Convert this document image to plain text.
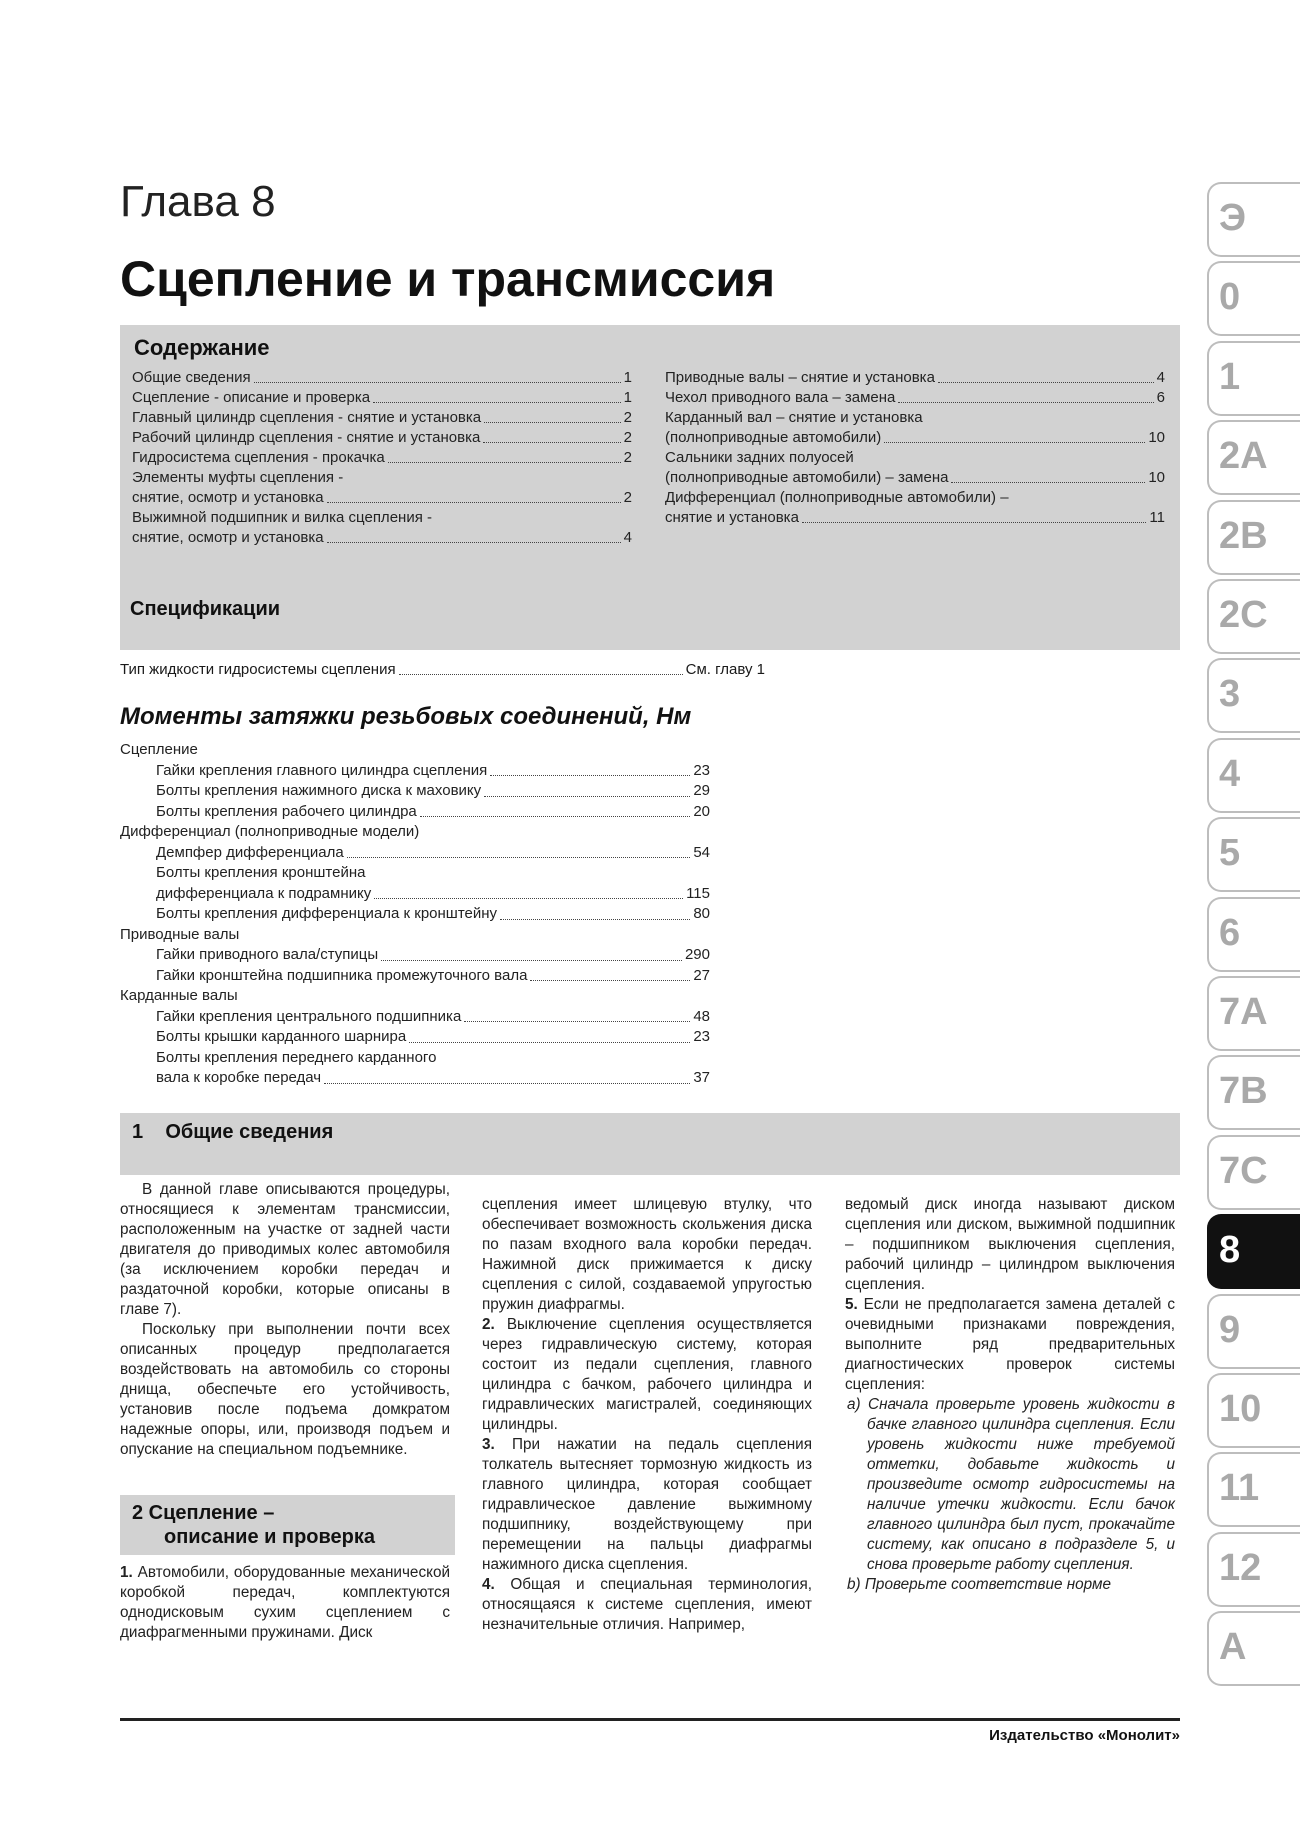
Глава 8
Сцепление и трансмиссия
Содержание
Общие сведения	1
Сцепление - описание и проверка	1
Главный цилиндр сцепления - снятие и установка	2
Рабочий цилиндр сцепления - снятие и установка	2
Гидросистема сцепления - прокачка	2
Элементы муфты сцепления -
снятие, осмотр и установка	2
Выжимной подшипник и вилка сцепления -
снятие, осмотр и установка	4
Приводные валы – снятие и установка	4
Чехол приводного вала – замена	6
Карданный вал – снятие и установка
(полноприводные автомобили)	10
Сальники задних полуосей
(полноприводные автомобили) – замена	10
Дифференциал (полноприводные автомобили) –
снятие и установка	11
Спецификации
Тип жидкости гидросистемы сцепления	См. главу 1
Моменты затяжки резьбовых соединений, Нм
Сцепление
Гайки крепления главного цилиндра сцепления	23
Болты крепления нажимного диска к маховику	29
Болты крепления рабочего цилиндра	20
Дифференциал (полноприводные модели)
Демпфер дифференциала	54
Болты крепления кронштейна
дифференциала к подрамнику	115
Болты крепления дифференциала к кронштейну	80
Приводные валы
Гайки приводного вала/ступицы	290
Гайки кронштейна подшипника промежуточного вала	27
Карданные валы
Гайки крепления центрального подшипника	48
Болты крышки карданного шарнира	23
Болты крепления переднего карданного
вала к коробке передач	37
1    Общие сведения

В данной главе описываются процедуры, относящиеся к элементам трансмиссии, расположенным на участке от задней части двигателя до приводимых колес автомобиля (за исключением коробки передач и раздаточной коробки, которые описаны в главе 7).

Поскольку при выполнении почти всех описанных процедур предполагается воздействовать на автомобиль со стороны днища, обеспечьте его устойчивость, установив после подъема домкратом надежные опоры, или, производя подъем и опускание на специальном подъемнике.

2 Сцепление –
описание и проверка

1. Автомобили, оборудованные механической коробкой передач, комплектуются однодисковым сухим сцеплением с диафрагменными пружинами. Диск

сцепления имеет шлицевую втулку, что обеспечивает возможность скольжения диска по пазам входного вала коробки передач. Нажимной диск прижимается к диску сцепления с силой, создаваемой упругостью пружин диафрагмы.

2. Выключение сцепления осуществляется через гидравлическую систему, которая состоит из педали сцепления, главного цилиндра с бачком, рабочего цилиндра и гидравлических магистралей, соединяющих цилиндры.

3. При нажатии на педаль сцепления толкатель вытесняет тормозную жидкость из главного цилиндра, которая сообщает гидравлическое давление выжимному подшипнику, воздействующему при перемещении на пальцы диафрагмы нажимного диска сцепления.

4. Общая и специальная терминология, относящаяся к системе сцепления, имеют незначительные отличия. Например,

ведомый диск иногда называют диском сцепления или диском, выжимной подшипник – подшипником выключения сцепления, рабочий цилиндр – цилиндром выключения сцепления.

5. Если не предполагается замена деталей с очевидными признаками повреждения, выполните ряд предварительных диагностических проверок системы сцепления:

а) Сначала проверьте уровень жидкости в бачке главного цилиндра сцепления. Если уровень жидкости ниже требуемой отметки, добавьте жидкость и произведите осмотр гидросистемы на наличие утечки жидкости. Если бачок главного цилиндра был пуст, прокачайте систему, как описано в подразделе 5, и снова проверьте работу сцепления.

b) Проверьте соответствие норме

Издательство «Монолит»
Э
0
1
2A
2B
2C
3
4
5
6
7A
7B
7C
8
9
10
11
12
A
